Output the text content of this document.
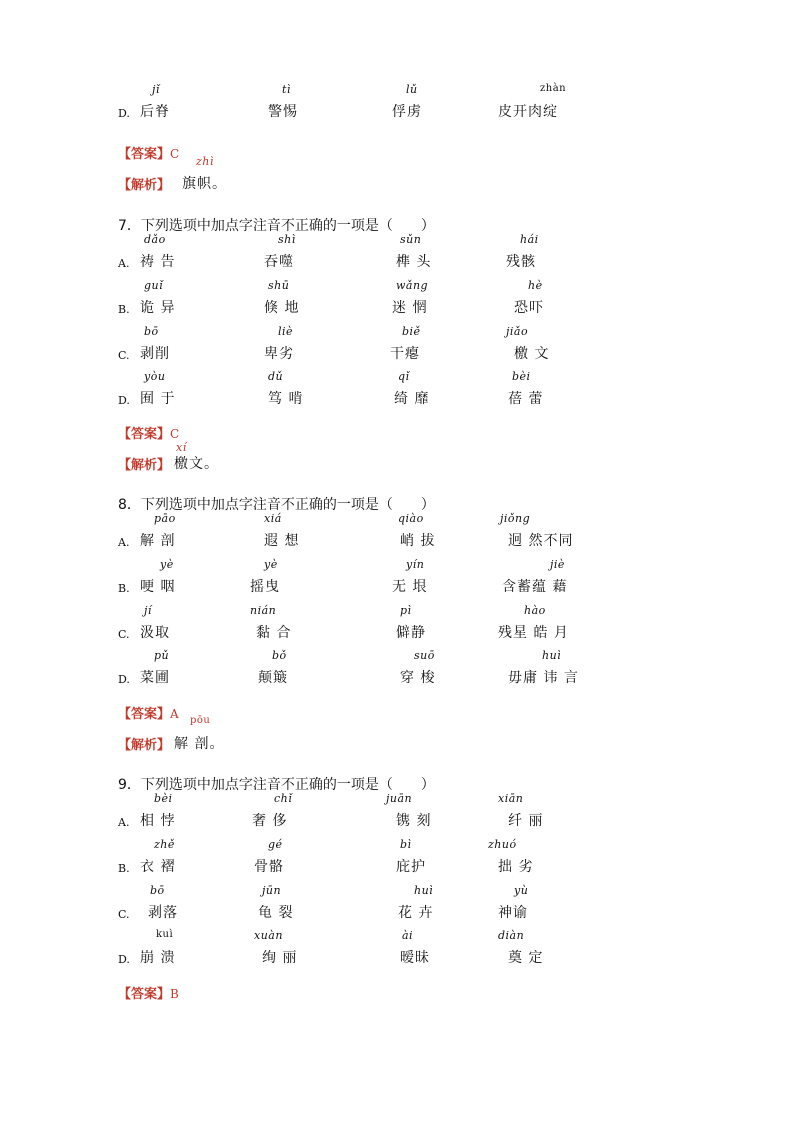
D.
jǐ
后脊
tì
警惕
lǔ
俘虏
zhàn
皮开肉绽
【答案】C
【解析】
zhì
旗帜。
7．下列选项中加点字注音不正确的一项是（　　）
A.
dǎo
祷 告
shì
吞噬
sǔn
榫 头
hái
残骸
B.
guǐ
诡 异
shū
倏 地
wǎng
迷 惘
hè
恐吓
C.
bō
剥削
liè
卑劣
biě
干瘪
jiǎo
檄 文
D.
yòu
囿 于
dǔ
笃 啃
qǐ
绮 靡
bèi
蓓 蕾
【答案】C
【解析】
xí
檄文。
8．下列选项中加点字注音不正确的一项是（　　）
A.
pāo
解 剖
xiá
遐 想
qiào
峭 拔
jiǒng
迥 然不同
B.
yè
哽 咽
yè
摇曳
yín
无 垠
jiè
含蓄蕴 藉
C.
jí
汲取
nián
黏 合
pì
僻静
hào
残星 皓 月
D.
pǔ
菜圃
bǒ
颠簸
suō
穿 梭
huì
毋庸 讳 言
【答案】A
【解析】
pōu
解 剖。
9．下列选项中加点字注音不正确的一项是（　　）
A.
bèi
相 悖
chǐ
奢 侈
juān
镌 刻
xiān
纤 丽
B.
zhě
衣 褶
gé
骨骼
bì
庇护
zhuó
拙 劣
C.
bō
剥落
jūn
龟 裂
huì
花 卉
yù
神谕
D.
kuì
崩 溃
xuàn
绚 丽
ài
暧昧
diàn
奠 定
【答案】B
